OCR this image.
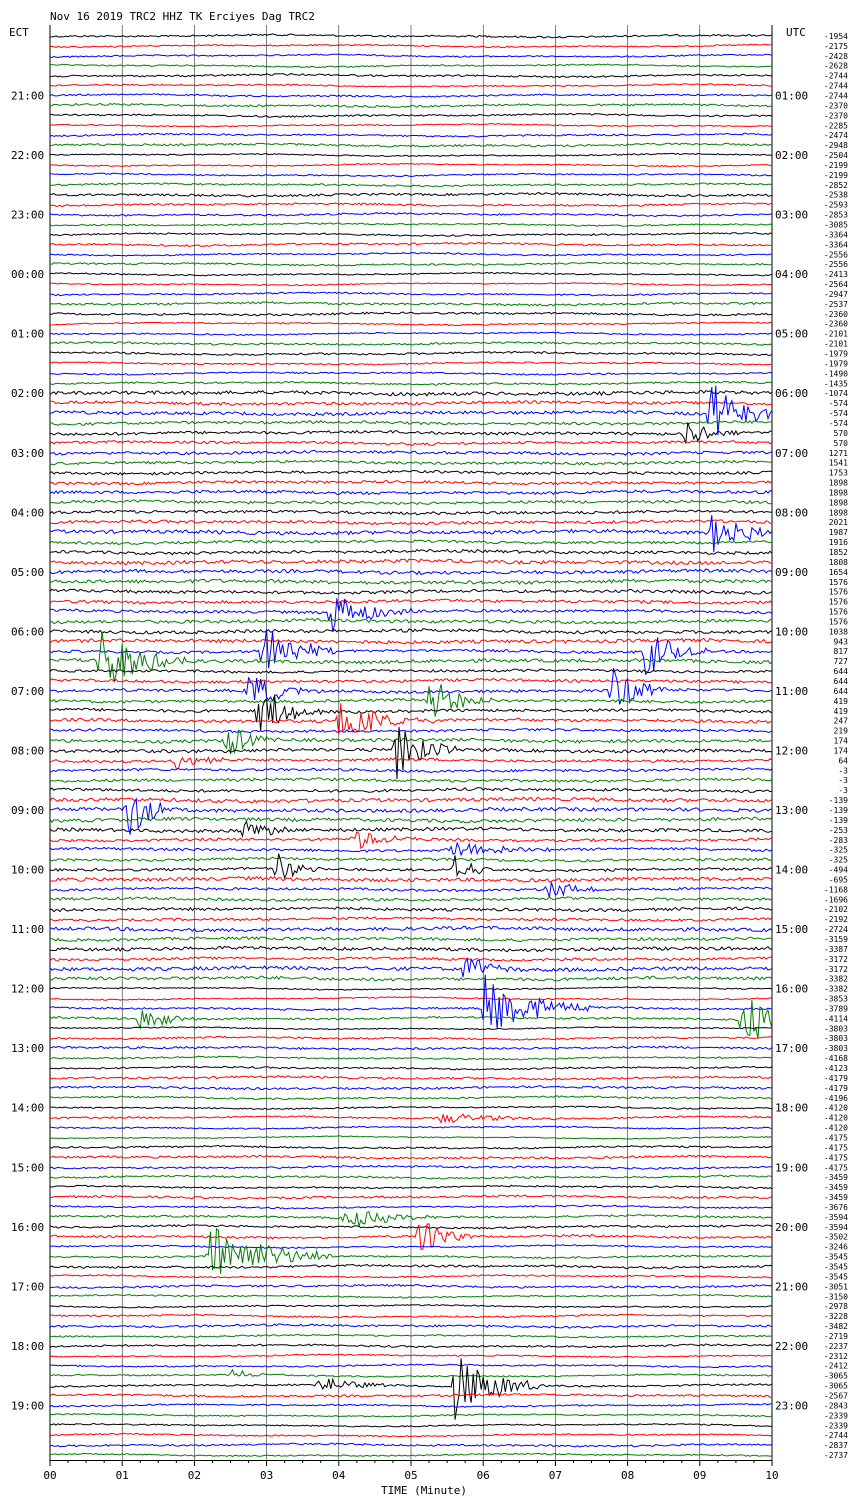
Nov 16 2019 TRC2 HHZ TK Erciyes Dag TRC2
ECT	UTC
21:00
22:00
23:00
00:00
01:00
02:00
03:00
04:00
05:00
06:00
07:00
08:00
09:00
10:00
11:00
12:00
13:00
14:00
15:00
16:00
17:00
18:00
19:00
01:00
02:00
03:00
04:00
05:00
06:00
07:00
08:00
09:00
10:00
11:00
12:00
13:00
14:00
15:00
16:00
17:00
18:00
19:00
20:00
21:00
22:00
23:00
-1954
-2175
-2428
-2628
-2744
-2744
-2744
-2370
-2370
-2285
-2474
-2948
-2504
-2199
-2199
-2852
-2538
-2593
-2853
-3085
-3364
-3364
-2556
-2556
-2413
-2564
-2947
-2537
-2360
-2360
-2101
-2101
-1979
-1979
-1490
-1435
-1074
-574
-574
-574
570
570
1271
1541
1753
1898
1898
1898
1898
2021
1987
1916
1852
1808
1654
1576
1576
1576
1576
1576
1038
943
817
727
644
644
644
419
419
247
219
174
174
64
-3
-3
-3
-139
-139
-139
-253
-283
-325
-325
-494
-695
-1168
-1696
-2102
-2192
-2724
-3159
-3387
-3172
-3172
-3382
-3382
-3853
-3789
-4114
-3803
-3803
-3803
-4168
-4123
-4179
-4179
-4196
-4120
-4120
-4120
-4175
-4175
-4175
-4175
-3459
-3459
-3459
-3676
-3594
-3594
-3502
-3246
-3545
-3545
-3545
-3051
-3150
-2978
-3228
-3482
-2719
-2237
-2312
-2412
-3065
-3065
-2567
-2843
-2339
-2339
-2744
-2837
-2737
00	01	02	03	04	05	06	07	08	09	10
TIME (Minute)
